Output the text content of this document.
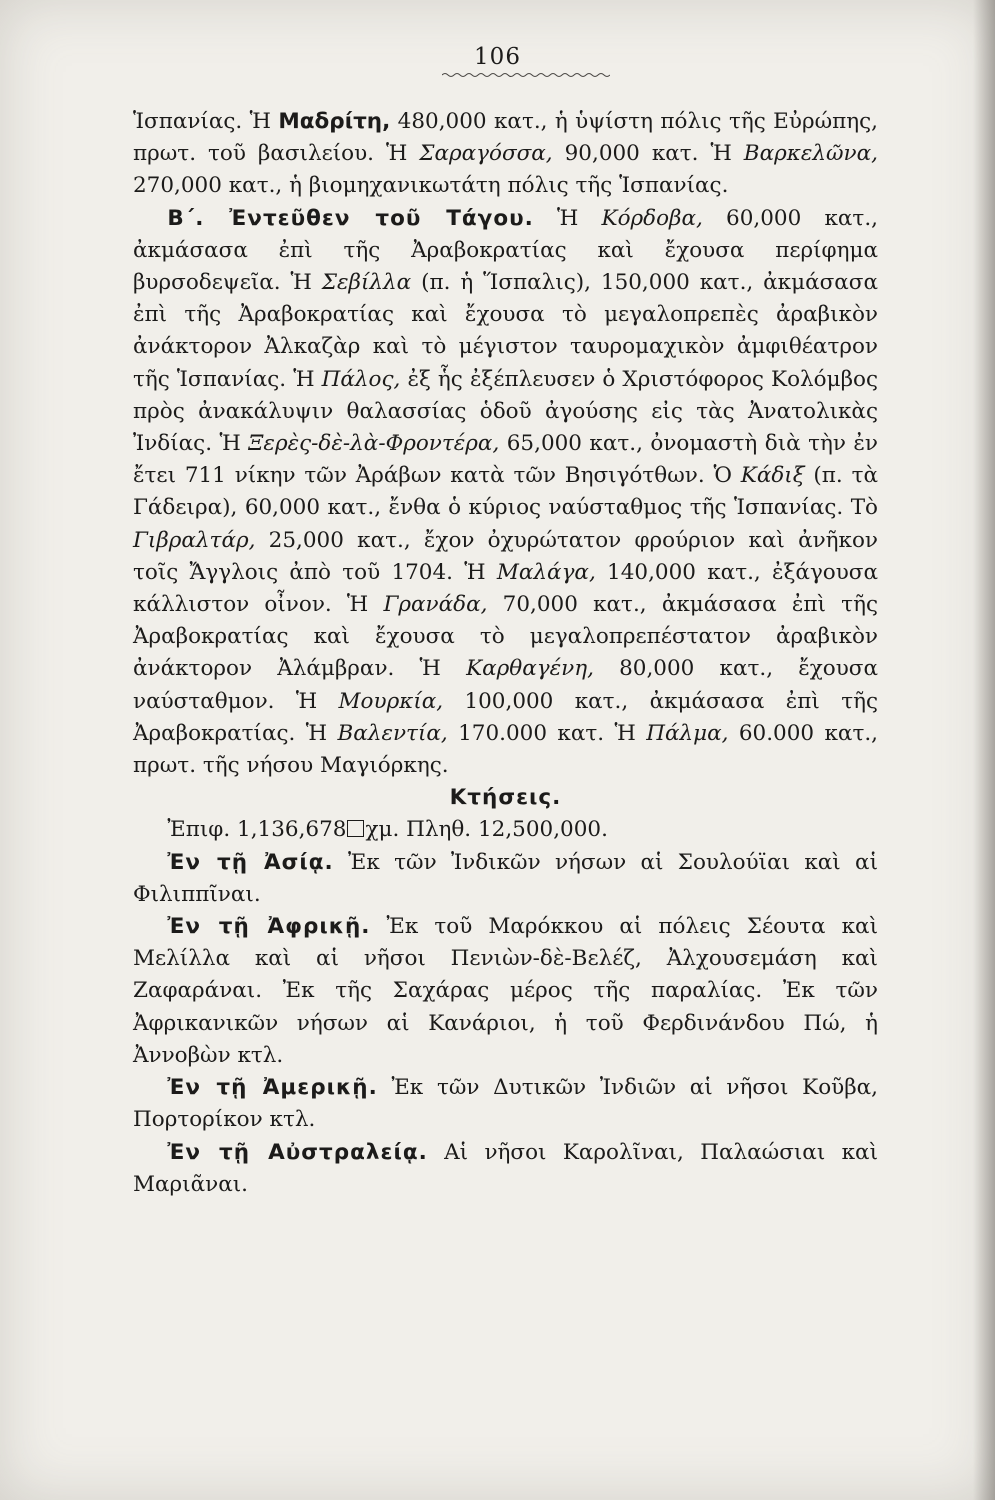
106

Ἱσπανίας. Ἡ Μαδρίτη, 480,000 κατ., ἡ ὑψίστη πόλις τῆς Εὐρώπης, πρωτ. τοῦ βασιλείου. Ἡ Σαραγόσσα, 90,000 κατ. Ἡ Βαρκελῶνα, 270,000 κατ., ἡ βιομηχανικωτάτη πόλις τῆς Ἱσπανίας.

Β΄. Ἐντεῦθεν τοῦ Τάγου. Ἡ Κόρδοβα, 60,000 κατ., ἀκμάσασα ἐπὶ τῆς Ἀραβοκρατίας καὶ ἔχουσα περίφημα βυρσοδεψεῖα. Ἡ Σεβίλλα (π. ἡ Ἵσπαλις), 150,000 κατ., ἀκμάσασα ἐπὶ τῆς Ἀραβοκρατίας καὶ ἔχουσα τὸ μεγαλοπρεπὲς ἀραβικὸν ἀνάκτορον Ἀλκαζὰρ καὶ τὸ μέγιστον ταυρομαχικὸν ἀμφιθέατρον τῆς Ἱσπανίας. Ἡ Πάλος, ἐξ ἧς ἐξέπλευσεν ὁ Χριστόφορος Κολόμβος πρὸς ἀνακάλυψιν θαλασσίας ὁδοῦ ἀγούσης εἰς τὰς Ἀνατολικὰς Ἰνδίας. Ἡ Ξερὲς-δὲ-λὰ-Φροντέρα, 65,000 κατ., ὀνομαστὴ διὰ τὴν ἐν ἔτει 711 νίκην τῶν Ἀράβων κατὰ τῶν Βησιγότθων. Ὁ Κάδιξ (π. τὰ Γάδειρα), 60,000 κατ., ἔνθα ὁ κύριος ναύσταθμος τῆς Ἱσπανίας. Τὸ Γιβραλτάρ, 25,000 κατ., ἔχον ὀχυρώτατον φρούριον καὶ ἀνῆκον τοῖς Ἄγγλοις ἀπὸ τοῦ 1704. Ἡ Μαλάγα, 140,000 κατ., ἐξάγουσα κάλλιστον οἶνον. Ἡ Γρανάδα, 70,000 κατ., ἀκμάσασα ἐπὶ τῆς Ἀραβοκρατίας καὶ ἔχουσα τὸ μεγαλοπρεπέστατον ἀραβικὸν ἀνάκτορον Ἀλάμβραν. Ἡ Καρθαγένη, 80,000 κατ., ἔχουσα ναύσταθμον. Ἡ Μουρκία, 100,000 κατ., ἀκμάσασα ἐπὶ τῆς Ἀραβοκρατίας. Ἡ Βαλεντία, 170.000 κατ. Ἡ Πάλμα, 60.000 κατ., πρωτ. τῆς νήσου Μαγιόρκης.

Κτήσεις.

Ἐπιφ. 1,136,678 χμ. Πληθ. 12,500,000.

Ἐν τῇ Ἀσίᾳ. Ἐκ τῶν Ἰνδικῶν νήσων αἱ Σουλούϊαι καὶ αἱ Φιλιππῖναι.

Ἐν τῇ Ἀφρικῇ. Ἐκ τοῦ Μαρόκκου αἱ πόλεις Σέουτα καὶ Μελίλλα καὶ αἱ νῆσοι Πενιὼν-δὲ-Βελέζ, Ἀλχουσεμάση καὶ Ζαφαράναι. Ἐκ τῆς Σαχάρας μέρος τῆς παραλίας. Ἐκ τῶν Ἀφρικανικῶν νήσων αἱ Κανάριοι, ἡ τοῦ Φερδινάνδου Πώ, ἡ Ἀννοβὼν κτλ.

Ἐν τῇ Ἀμερικῇ. Ἐκ τῶν Δυτικῶν Ἰνδιῶν αἱ νῆσοι Κοῦβα, Πορτορίκον κτλ.

Ἐν τῇ Αὐστραλείᾳ. Αἱ νῆσοι Καρολῖναι, Παλαώσιαι καὶ Μαριᾶναι.
